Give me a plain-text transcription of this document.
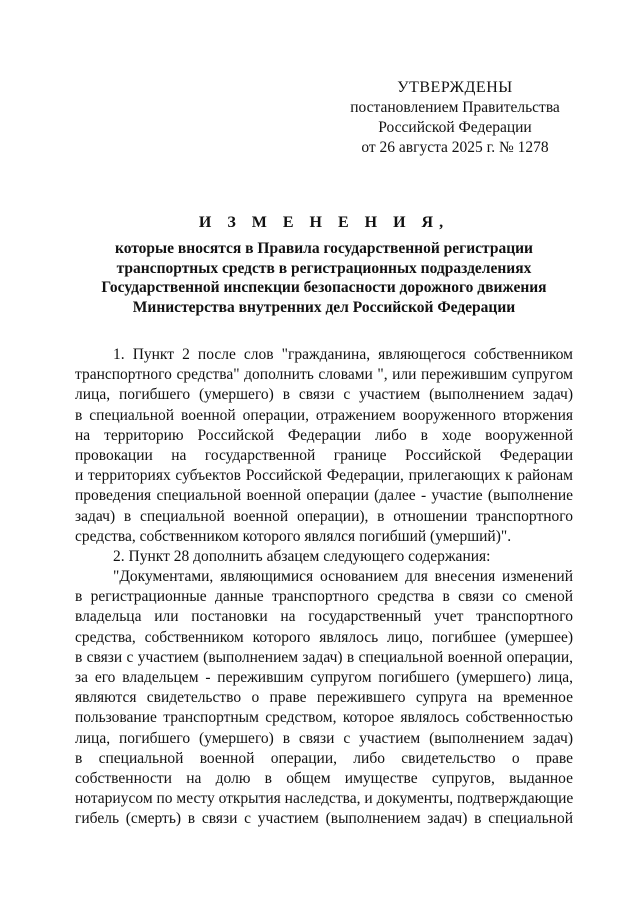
УТВЕРЖДЕНЫ
постановлением Правительства
Российской Федерации
от 26 августа 2025 г. № 1278
И З М Е Н Е Н И Я,
которые вносятся в Правила государственной регистрации
транспортных средств в регистрационных подразделениях
Государственной инспекции безопасности дорожного движения
Министерства внутренних дел Российской Федерации
1. Пункт 2 после слов "гражданина, являющегося собственником
транспортного средства" дополнить словами ", или пережившим супругом
лица, погибшего (умершего) в связи с участием (выполнением задач)
в специальной военной операции, отражением вооруженного вторжения
на территорию Российской Федерации либо в ходе вооруженной
провокации на государственной границе Российской Федерации
и территориях субъектов Российской Федерации, прилегающих к районам
проведения специальной военной операции (далее - участие (выполнение
задач) в специальной военной операции), в отношении транспортного
средства, собственником которого являлся погибший (умерший)".
2. Пункт 28 дополнить абзацем следующего содержания:
"Документами, являющимися основанием для внесения изменений
в регистрационные данные транспортного средства в связи со сменой
владельца или постановки на государственный учет транспортного
средства, собственником которого являлось лицо, погибшее (умершее)
в связи с участием (выполнением задач) в специальной военной операции,
за его владельцем - пережившим супругом погибшего (умершего) лица,
являются свидетельство о праве пережившего супруга на временное
пользование транспортным средством, которое являлось собственностью
лица, погибшего (умершего) в связи с участием (выполнением задач)
в специальной военной операции, либо свидетельство о праве
собственности на долю в общем имуществе супругов, выданное
нотариусом по месту открытия наследства, и документы, подтверждающие
гибель (смерть) в связи с участием (выполнением задач) в специальной
